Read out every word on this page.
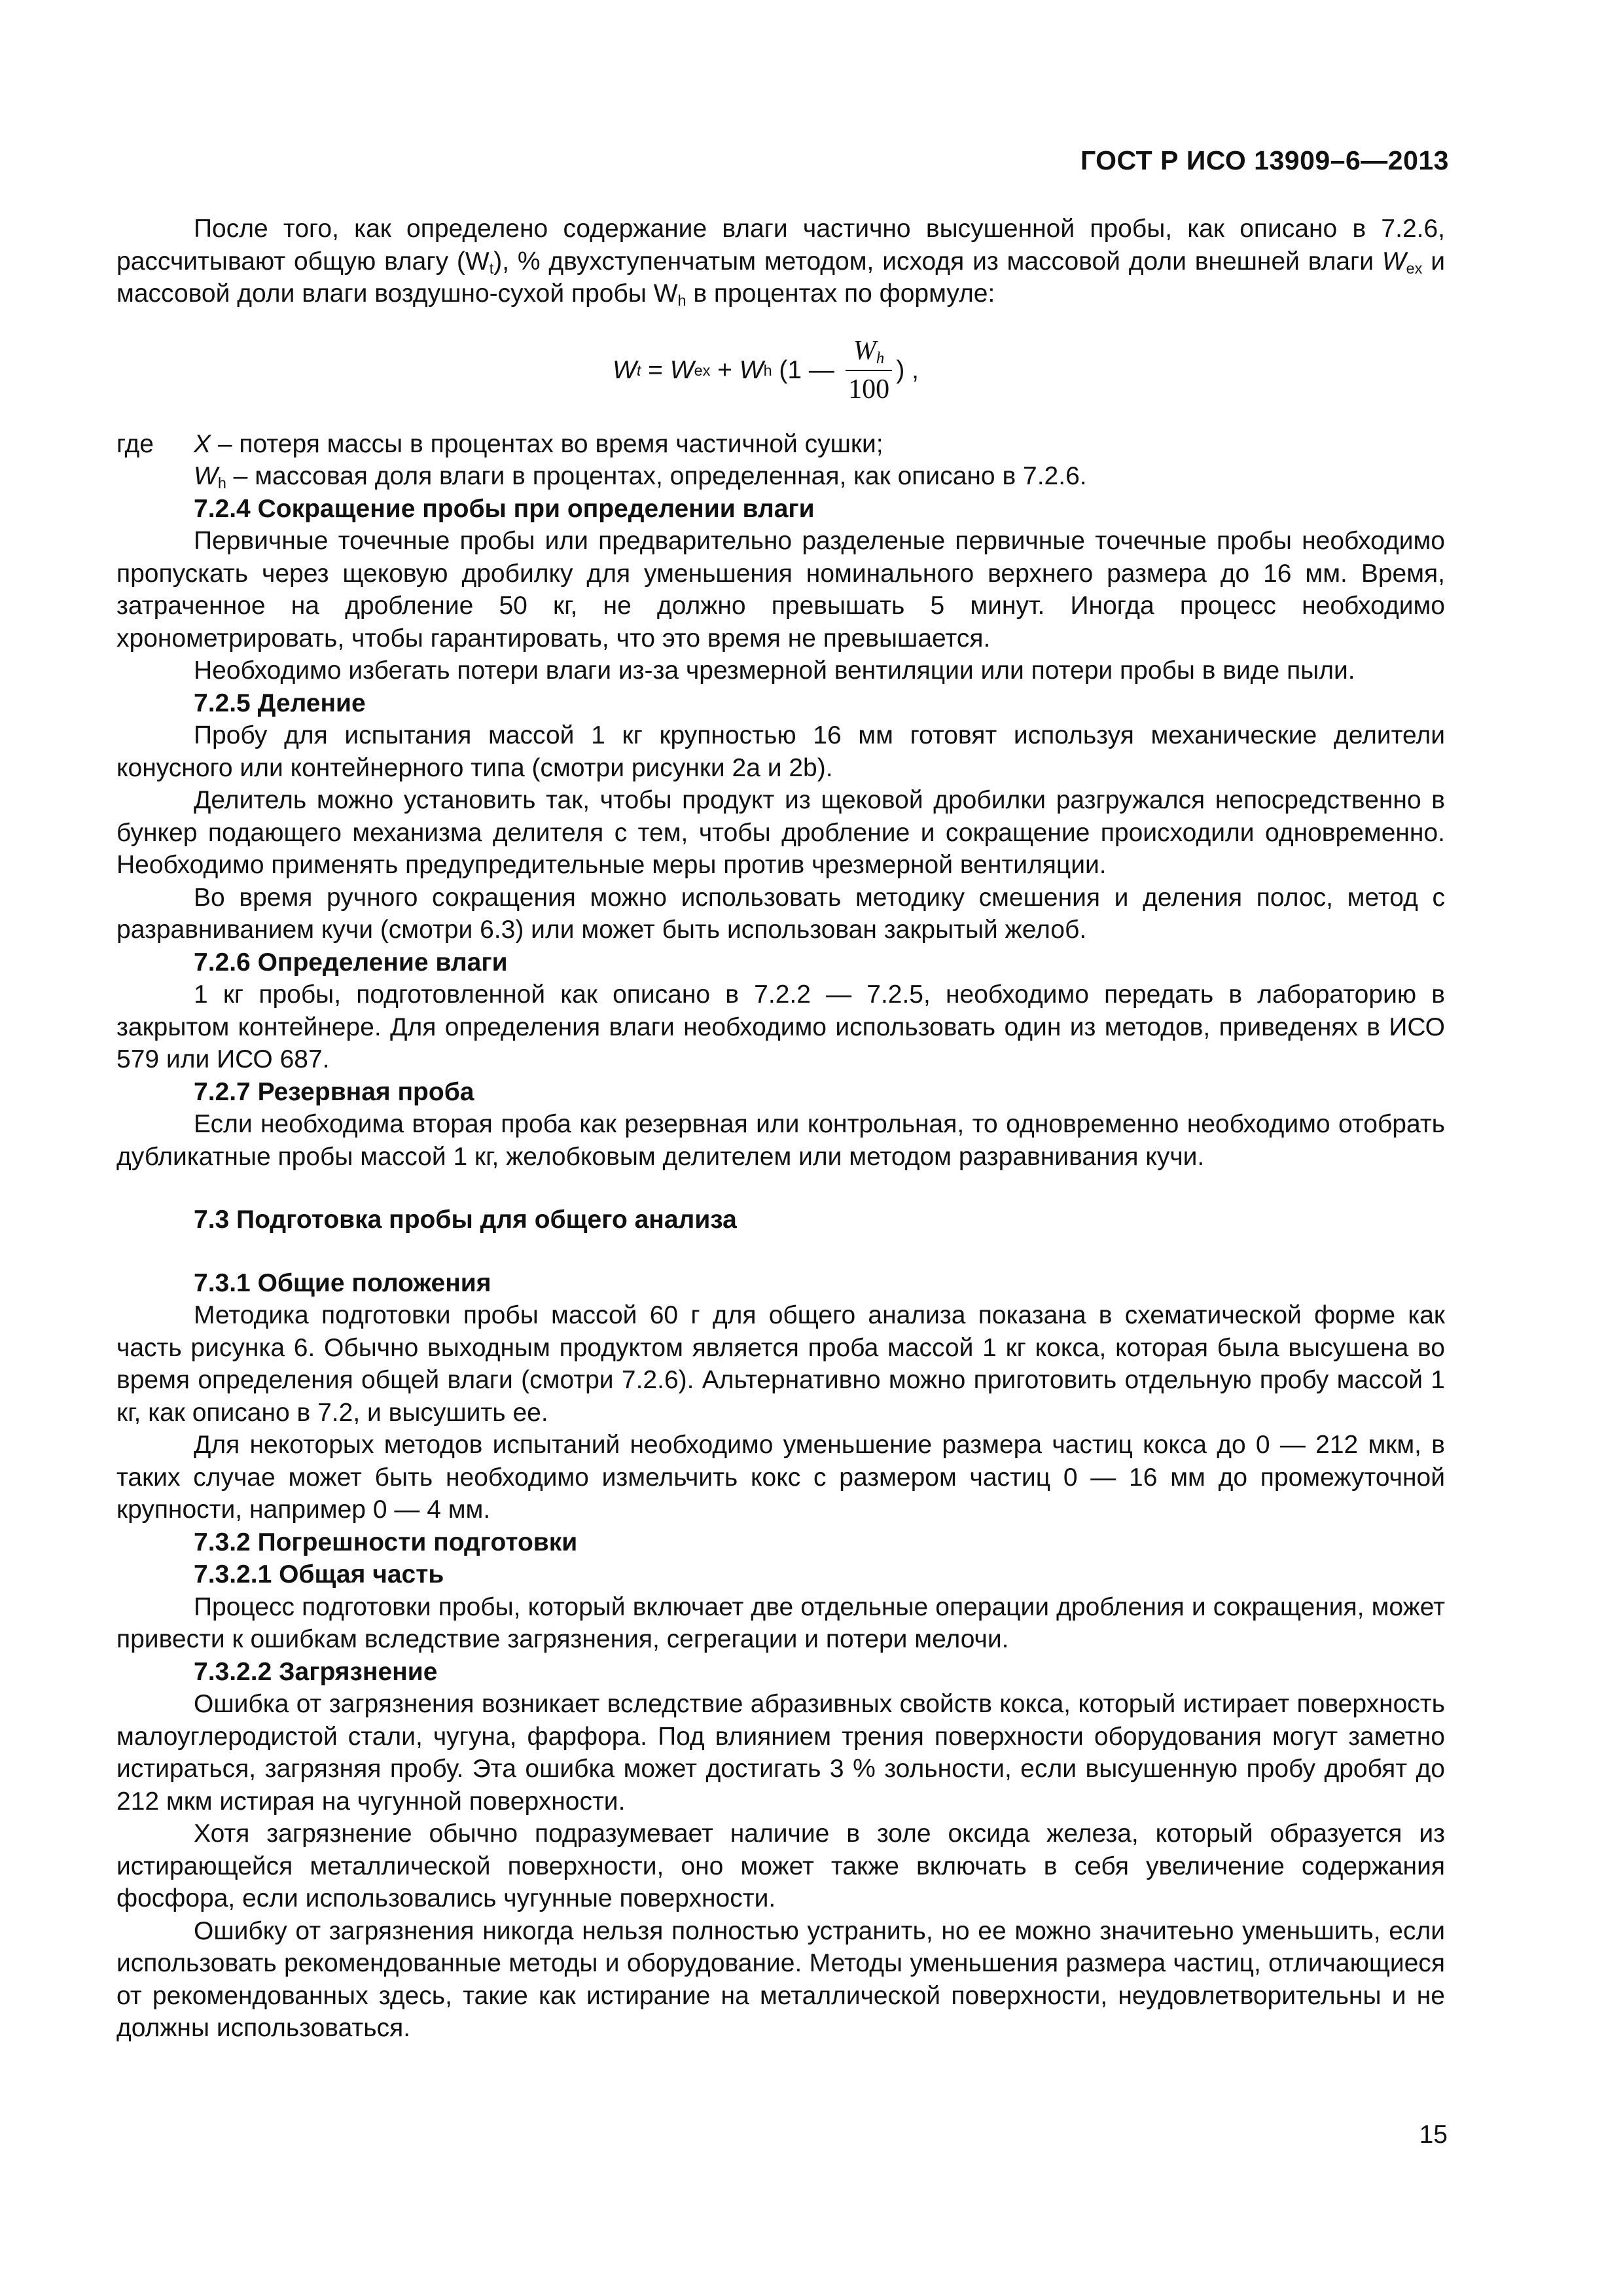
ГОСТ Р ИСО 13909–6—2013

После того, как определено содержание влаги частично высушенной пробы, как описано в 7.2.6, рассчитывают общую влагу $(W_t)$, % двухступенчатым методом, исходя из массовой доли внешней влаги $W_{ex}$ и массовой доли влаги воздушно-сухой пробы $W_h$ в процентах по формуле:

W t = W ex + W h (1 — $\frac{W_h}{100}$ ) ,

где X – потеря массы в процентах во время частичной сушки;

$W_h$ – массовая доля влаги в процентах, определенная, как описано в 7.2.6.

7.2.4 Сокращение пробы при определении влаги

Первичные точечные пробы или предварительно разделеные первичные точечные пробы необходимо пропускать через щековую дробилку для уменьшения номинального верхнего размера до 16 мм. Время, затраченное на дробление 50 кг, не должно превышать 5 минут. Иногда процесс необходимо хронометрировать, чтобы гарантировать, что это время не превышается.

Необходимо избегать потери влаги из-за чрезмерной вентиляции или потери пробы в виде пыли.

7.2.5 Деление

Пробу для испытания массой 1 кг крупностью 16 мм готовят используя механические делители конусного или контейнерного типа (смотри рисунки 2а и 2b).

Делитель можно установить так, чтобы продукт из щековой дробилки разгружался непосредственно в бункер подающего механизма делителя с тем, чтобы дробление и сокращение происходили одновременно. Необходимо применять предупредительные меры против чрезмерной вентиляции.

Во время ручного сокращения можно использовать методику смешения и деления полос, метод с разравниванием кучи (смотри 6.3) или может быть использован закрытый желоб.

7.2.6 Определение влаги

1 кг пробы, подготовленной как описано в 7.2.2 — 7.2.5, необходимо передать в лабораторию в закрытом контейнере. Для определения влаги необходимо использовать один из методов, приведенях в ИСО 579 или ИСО 687.

7.2.7 Резервная проба

Если необходима вторая проба как резервная или контрольная, то одновременно необходимо отобрать дубликатные пробы массой 1 кг, желобковым делителем или методом разравнивания кучи.

7.3 Подготовка пробы для общего анализа

7.3.1 Общие положения

Методика подготовки пробы массой 60 г для общего анализа показана в схематической форме как часть рисунка 6. Обычно выходным продуктом является проба массой 1 кг кокса, которая была высушена во время определения общей влаги (смотри 7.2.6). Альтернативно можно приготовить отдельную пробу массой 1 кг, как описано в 7.2, и высушить ее.

Для некоторых методов испытаний необходимо уменьшение размера частиц кокса до 0 — 212 мкм, в таких случае может быть необходимо измельчить кокс с размером частиц 0 — 16 мм до промежуточной крупности, например 0 — 4 мм.

7.3.2 Погрешности подготовки

7.3.2.1 Общая часть

Процесс подготовки пробы, который включает две отдельные операции дробления и сокращения, может привести к ошибкам вследствие загрязнения, сегрегации и потери мелочи.

7.3.2.2 Загрязнение

Ошибка от загрязнения возникает вследствие абразивных свойств кокса, который истирает поверхность малоуглеродистой стали, чугуна, фарфора. Под влиянием трения поверхности оборудования могут заметно истираться, загрязняя пробу. Эта ошибка может достигать 3 % зольности, если высушенную пробу дробят до 212 мкм истирая на чугунной поверхности.

Хотя загрязнение обычно подразумевает наличие в золе оксида железа, который образуется из истирающейся металлической поверхности, оно может также включать в себя увеличение содержания фосфора, если использовались чугунные поверхности.

Ошибку от загрязнения никогда нельзя полностью устранить, но ее можно значитеьно уменьшить, если использовать рекомендованные методы и оборудование. Методы уменьшения размера частиц, отличающиеся от рекомендованных здесь, такие как истирание на металлической поверхности, неудовлетворительны и не должны использоваться.

15
